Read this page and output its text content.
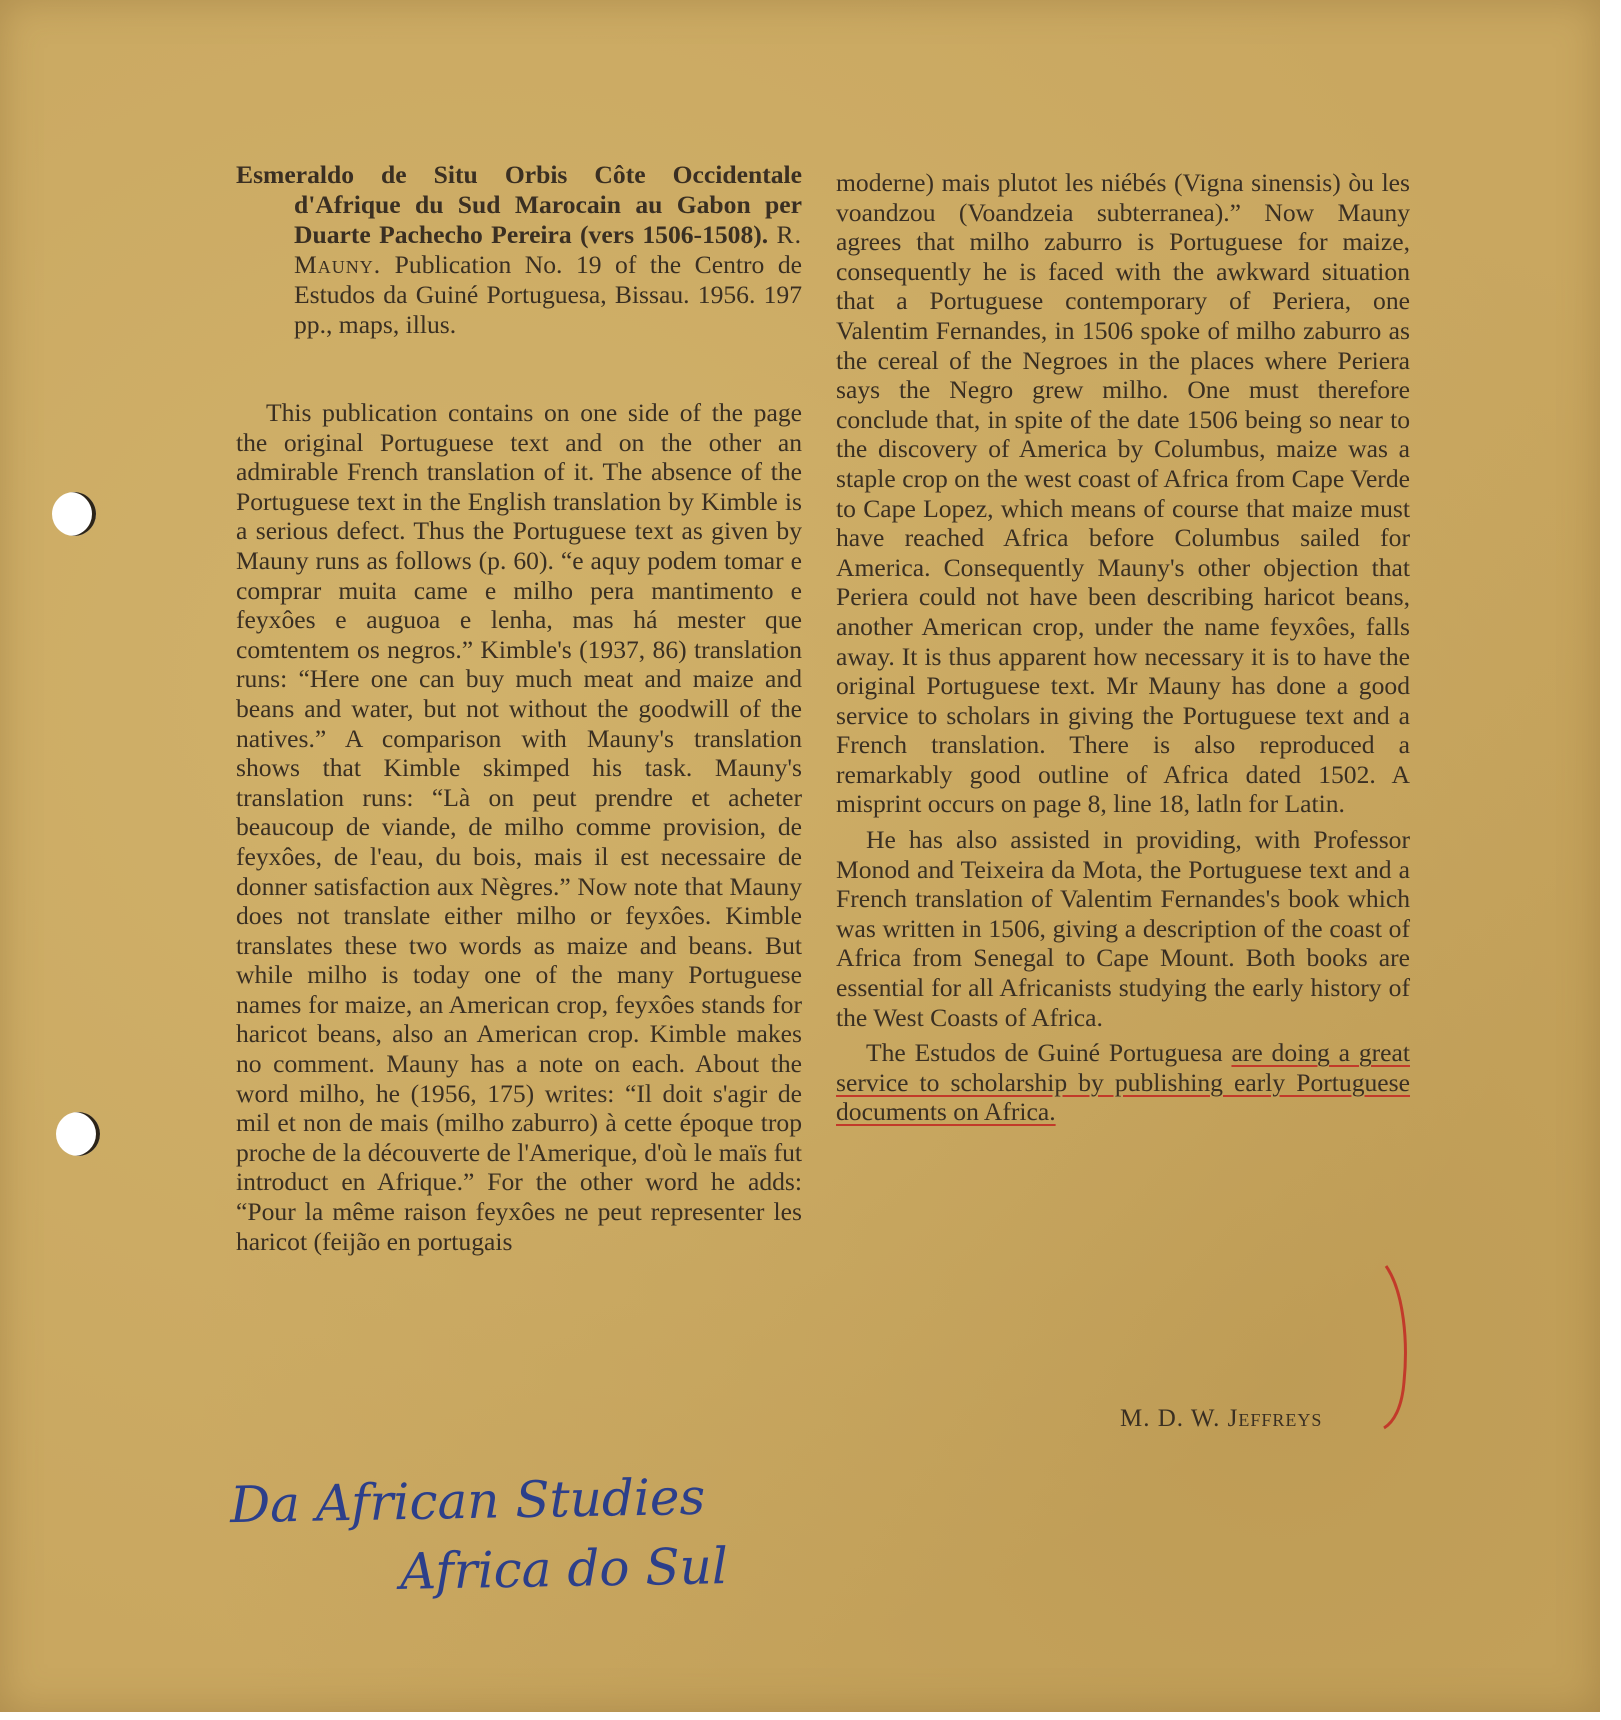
Esmeraldo de Situ Orbis Côte Occidentale d'Afrique du Sud Marocain au Gabon per Duarte Pachecho Pereira (vers 1506-1508). R. Mauny. Publication No. 19 of the Centro de Estudos da Guiné Portuguesa, Bissau. 1956. 197 pp., maps, illus.

This publication contains on one side of the page the original Portuguese text and on the other an admirable French translation of it. The absence of the Portuguese text in the English translation by Kimble is a serious defect. Thus the Portuguese text as given by Mauny runs as follows (p. 60). “e aquy podem tomar e comprar muita came e milho pera mantimento e feyxôes e auguoa e lenha, mas há mester que comtentem os negros.” Kimble's (1937, 86) translation runs: “Here one can buy much meat and maize and beans and water, but not without the goodwill of the natives.” A comparison with Mauny's translation shows that Kimble skimped his task. Mauny's translation runs: “Là on peut prendre et acheter beaucoup de viande, de milho comme provision, de feyxôes, de l'eau, du bois, mais il est necessaire de donner satisfaction aux Nègres.” Now note that Mauny does not translate either milho or feyxôes. Kimble translates these two words as maize and beans. But while milho is today one of the many Portuguese names for maize, an American crop, feyxôes stands for haricot beans, also an American crop. Kimble makes no comment. Mauny has a note on each. About the word milho, he (1956, 175) writes: “Il doit s'agir de mil et non de mais (milho zaburro) à cette époque trop proche de la découverte de l'Amerique, d'où le maïs fut introduct en Afrique.” For the other word he adds: “Pour la même raison feyxôes ne peut representer les haricot (feijão en portugais

moderne) mais plutot les niébés (Vigna sinensis) òu les voandzou (Voandzeia subterranea).” Now Mauny agrees that milho zaburro is Portuguese for maize, consequently he is faced with the awkward situation that a Portuguese contemporary of Periera, one Valentim Fernandes, in 1506 spoke of milho zaburro as the cereal of the Negroes in the places where Periera says the Negro grew milho. One must therefore conclude that, in spite of the date 1506 being so near to the discovery of America by Columbus, maize was a staple crop on the west coast of Africa from Cape Verde to Cape Lopez, which means of course that maize must have reached Africa before Columbus sailed for America. Consequently Mauny's other objection that Periera could not have been describing haricot beans, another American crop, under the name feyxôes, falls away. It is thus apparent how necessary it is to have the original Portuguese text. Mr Mauny has done a good service to scholars in giving the Portuguese text and a French translation. There is also reproduced a remarkably good outline of Africa dated 1502. A misprint occurs on page 8, line 18, latln for Latin.

He has also assisted in providing, with Professor Monod and Teixeira da Mota, the Portuguese text and a French translation of Valentim Fernandes's book which was written in 1506, giving a description of the coast of Africa from Senegal to Cape Mount. Both books are essential for all Africanists studying the early history of the West Coasts of Africa.

The Estudos de Guiné Portuguesa are doing a great service to scholarship by publishing early Portuguese documents on Africa.

M. D. W. Jeffreys
Da African Studies
Africa do Sul
